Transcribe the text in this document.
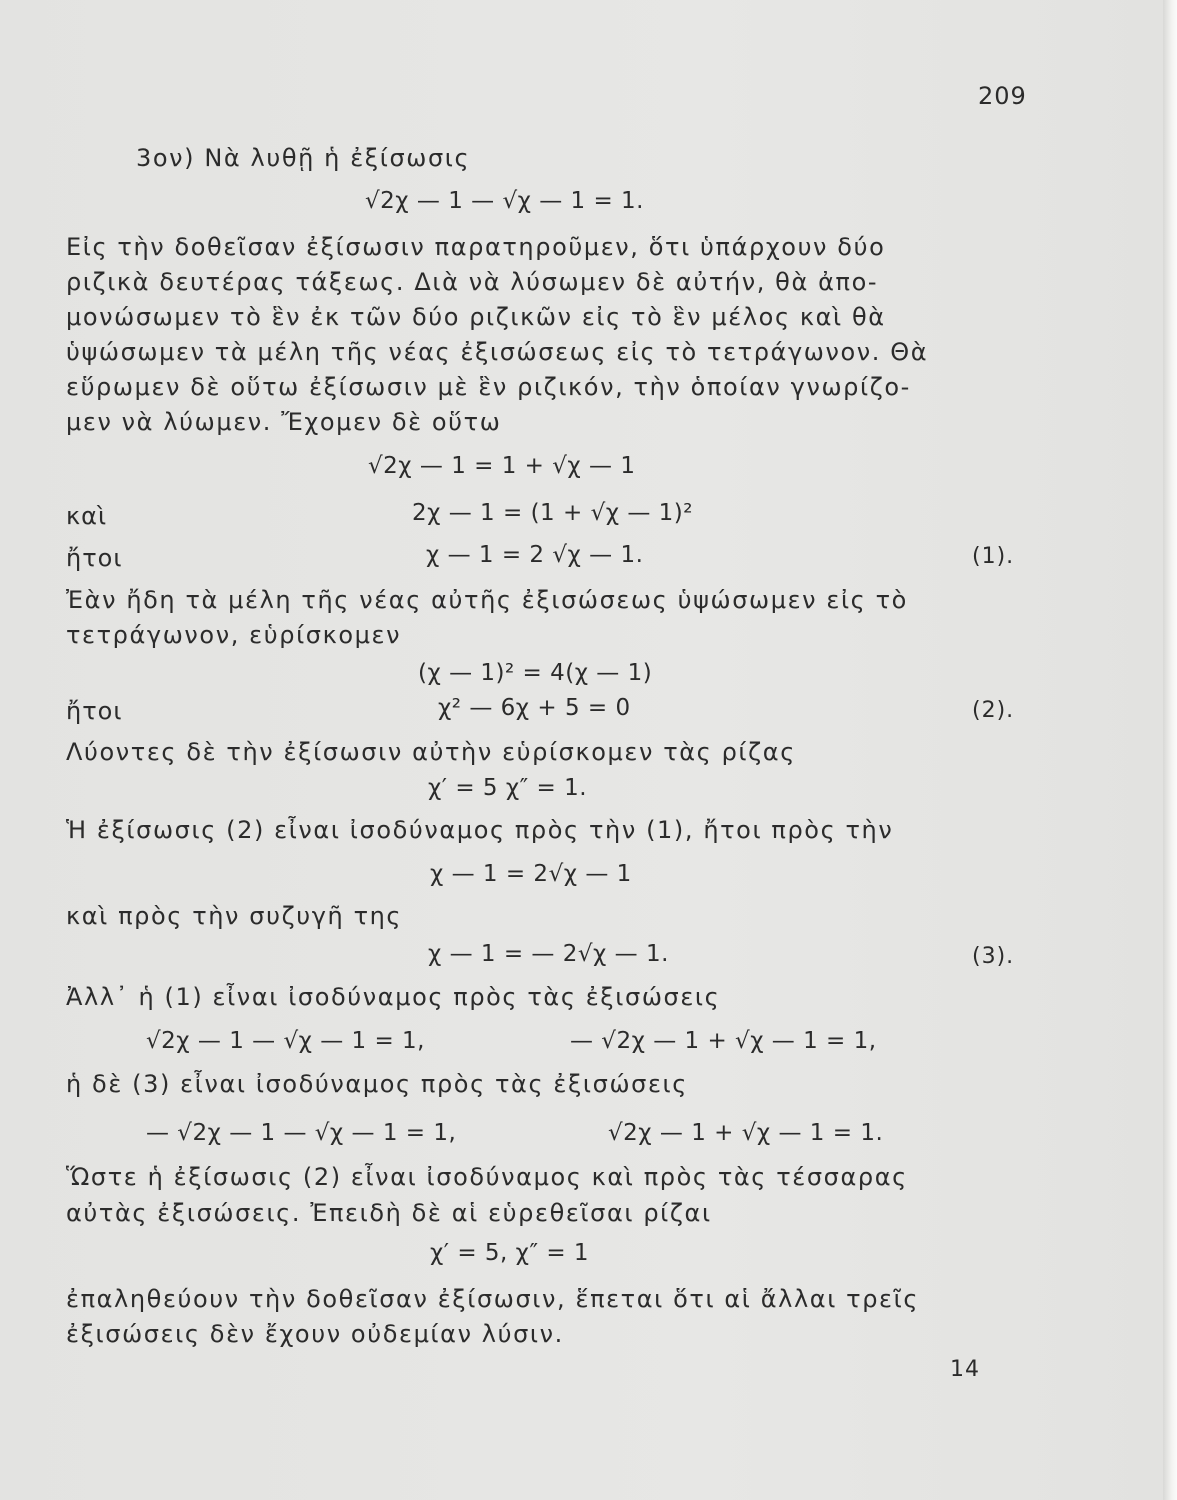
209
3ον) Νὰ λυθῇ ἡ ἐξίσωσις
√2χ — 1 — √χ — 1 = 1.
Εἰς τὴν δοθεῖσαν ἐξίσωσιν παρατηροῦμεν, ὅτι ὑπάρχουν δύο
ριζικὰ δευτέρας τάξεως. Διὰ νὰ λύσωμεν δὲ αὐτήν, θὰ ἀπο-
μονώσωμεν τὸ ἓν ἐκ τῶν δύο ριζικῶν εἰς τὸ ἓν μέλος καὶ θὰ
ὑψώσωμεν τὰ μέλη τῆς νέας ἐξισώσεως εἰς τὸ τετράγωνον. Θὰ
εὕρωμεν δὲ οὕτω ἐξίσωσιν μὲ ἓν ριζικόν, τὴν ὁποίαν γνωρίζο-
μεν νὰ λύωμεν. Ἔχομεν δὲ οὕτω
√2χ — 1 = 1 + √χ — 1
καὶ	2χ — 1 = (1 + √χ — 1)²
ἤτοι	χ — 1 = 2 √χ — 1.	(1).
Ἐὰν ἤδη τὰ μέλη τῆς νέας αὐτῆς ἐξισώσεως ὑψώσωμεν εἰς τὸ
τετράγωνον, εὑρίσκομεν
(χ — 1)² = 4(χ — 1)
ἤτοι	χ² — 6χ + 5 = 0	(2).
Λύοντες δὲ τὴν ἐξίσωσιν αὐτὴν εὑρίσκομεν τὰς ρίζας
χ′ = 5 χ″ = 1.
Ἡ ἐξίσωσις (2) εἶναι ἰσοδύναμος πρὸς τὴν (1), ἤτοι πρὸς τὴν
χ — 1 = 2√χ — 1
καὶ πρὸς τὴν συζυγῆ της
χ — 1 = — 2√χ — 1.	(3).
Ἀλλ᾽ ἡ (1) εἶναι ἰσοδύναμος πρὸς τὰς ἐξισώσεις
√2χ — 1 — √χ — 1 = 1,	— √2χ — 1 + √χ — 1 = 1,
ἡ δὲ (3) εἶναι ἰσοδύναμος πρὸς τὰς ἐξισώσεις
— √2χ — 1 — √χ — 1 = 1,	√2χ — 1 + √χ — 1 = 1.
Ὥστε ἡ ἐξίσωσις (2) εἶναι ἰσοδύναμος καὶ πρὸς τὰς τέσσαρας
αὐτὰς ἐξισώσεις. Ἐπειδὴ δὲ αἱ εὑρεθεῖσαι ρίζαι
χ′ = 5, χ″ = 1
ἐπαληθεύουν τὴν δοθεῖσαν ἐξίσωσιν, ἕπεται ὅτι αἱ ἄλλαι τρεῖς
ἐξισώσεις δὲν ἔχουν οὐδεμίαν λύσιν.
14
